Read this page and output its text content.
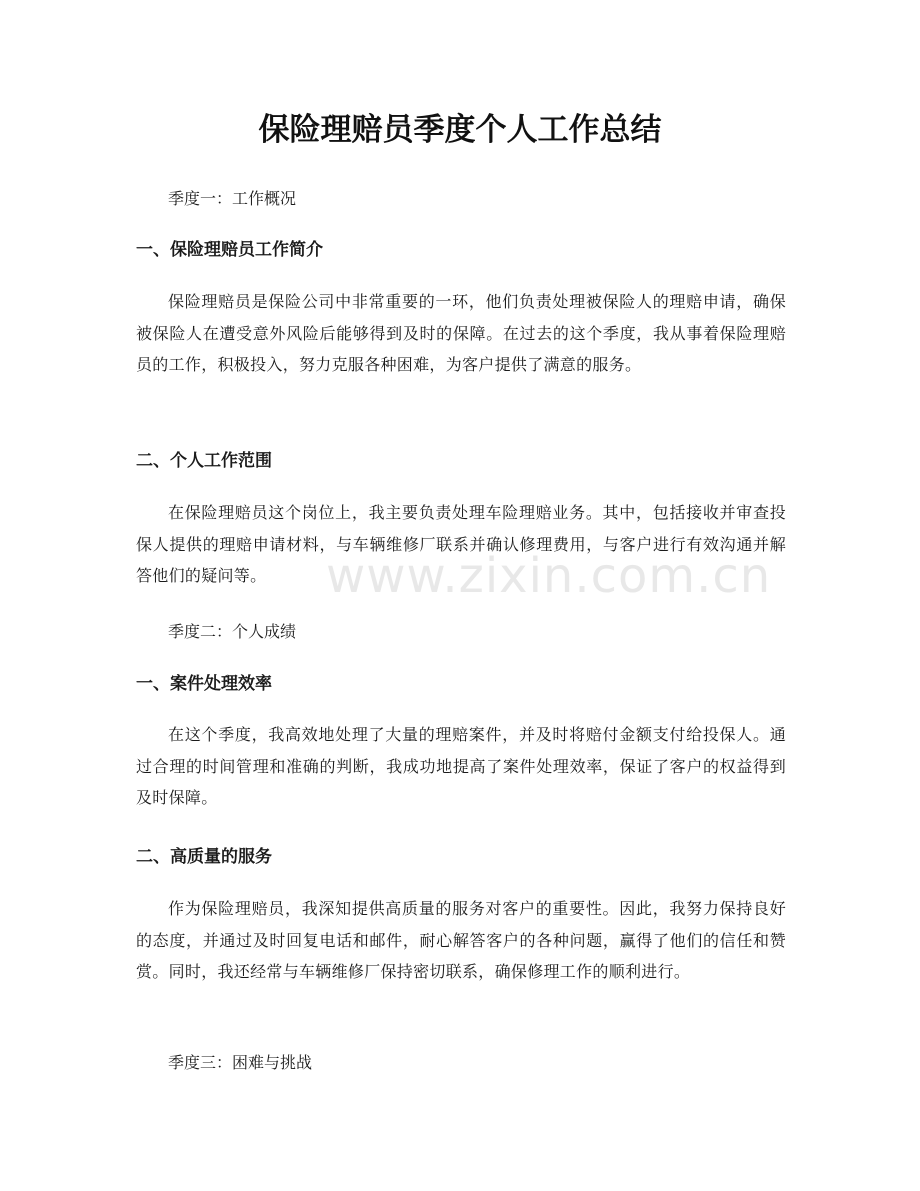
保险理赔员季度个人工作总结

季度一：工作概况

一、保险理赔员工作简介

保险理赔员是保险公司中非常重要的一环，他们负责处理被保险人的理赔申请，确保被保险人在遭受意外风险后能够得到及时的保障。在过去的这个季度，我从事着保险理赔员的工作，积极投入，努力克服各种困难，为客户提供了满意的服务。

二、个人工作范围

在保险理赔员这个岗位上，我主要负责处理车险理赔业务。其中，包括接收并审查投保人提供的理赔申请材料，与车辆维修厂联系并确认修理费用，与客户进行有效沟通并解答他们的疑问等。

季度二：个人成绩

一、案件处理效率

在这个季度，我高效地处理了大量的理赔案件，并及时将赔付金额支付给投保人。通过合理的时间管理和准确的判断，我成功地提高了案件处理效率，保证了客户的权益得到及时保障。

二、高质量的服务

作为保险理赔员，我深知提供高质量的服务对客户的重要性。因此，我努力保持良好的态度，并通过及时回复电话和邮件，耐心解答客户的各种问题，赢得了他们的信任和赞赏。同时，我还经常与车辆维修厂保持密切联系，确保修理工作的顺利进行。

季度三：困难与挑战

www.zixin.com.cn
